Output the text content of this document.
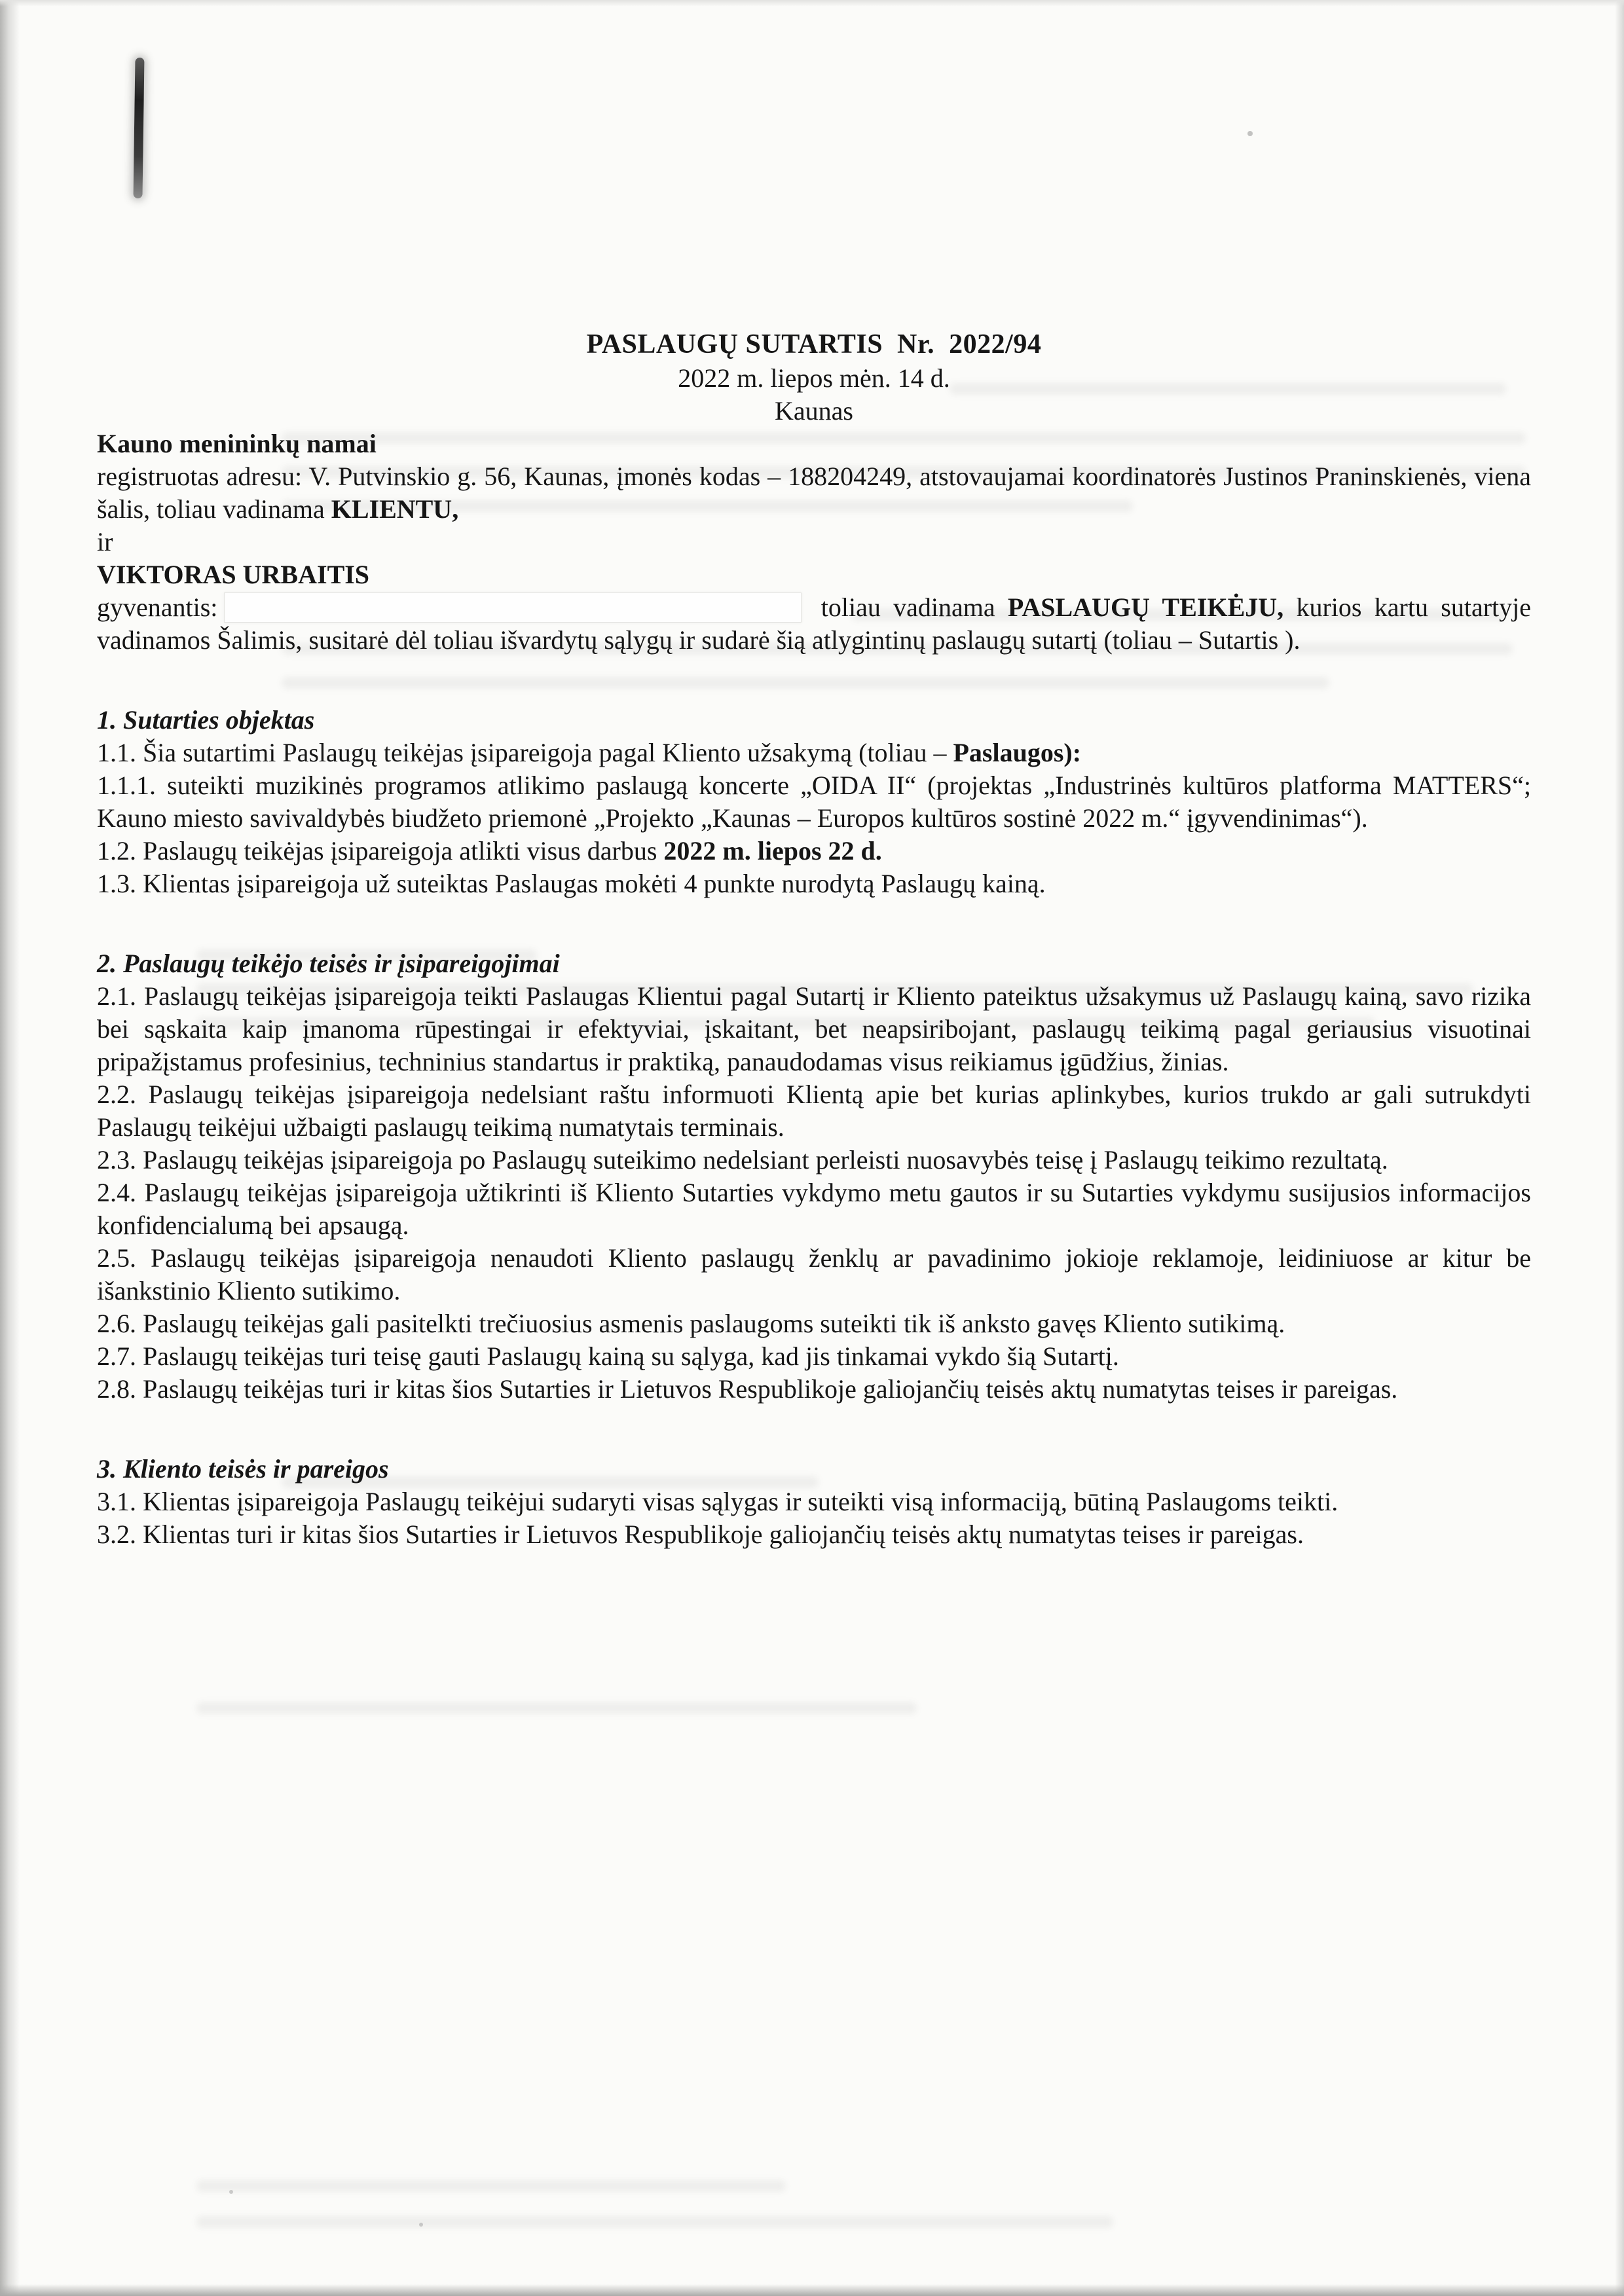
PASLAUGŲ SUTARTIS  Nr.  2022/94

2022 m. liepos mėn. 14 d.

Kaunas

Kauno menininkų namai

registruotas adresu: V. Putvinskio g. 56, Kaunas, įmonės kodas – 188204249, atstovaujamai koordinatorės Justinos Praninskienės, viena šalis, toliau vadinama KLIENTU,

ir

VIKTORAS URBAITIS

gyvenantis:	toliau vadinama PASLAUGŲ TEIKĖJU, kurios kartu sutartyje vadinamos Šalimis, susitarė dėl toliau išvardytų sąlygų ir sudarė šią atlygintinų paslaugų sutartį (toliau – Sutartis ).

1. Sutarties objektas

1.1. Šia sutartimi Paslaugų teikėjas įsipareigoja pagal Kliento užsakymą (toliau – Paslaugos):

1.1.1. suteikti muzikinės programos atlikimo paslaugą koncerte „OIDA II“ (projektas „Industrinės kultūros platforma MATTERS“; Kauno miesto savivaldybės biudžeto priemonė „Projekto „Kaunas – Europos kultūros sostinė 2022 m.“ įgyvendinimas“).

1.2. Paslaugų teikėjas įsipareigoja atlikti visus darbus 2022 m. liepos 22 d.

1.3. Klientas įsipareigoja už suteiktas Paslaugas mokėti 4 punkte nurodytą Paslaugų kainą.

2. Paslaugų teikėjo teisės ir įsipareigojimai

2.1. Paslaugų teikėjas įsipareigoja teikti Paslaugas Klientui pagal Sutartį ir Kliento pateiktus užsakymus už Paslaugų kainą, savo rizika bei sąskaita kaip įmanoma rūpestingai ir efektyviai, įskaitant, bet neapsiribojant, paslaugų teikimą pagal geriausius visuotinai pripažįstamus profesinius, techninius standartus ir praktiką, panaudodamas visus reikiamus įgūdžius, žinias.

2.2. Paslaugų teikėjas įsipareigoja nedelsiant raštu informuoti Klientą apie bet kurias aplinkybes, kurios trukdo ar gali sutrukdyti Paslaugų teikėjui užbaigti paslaugų teikimą numatytais terminais.

2.3. Paslaugų teikėjas įsipareigoja po Paslaugų suteikimo nedelsiant perleisti nuosavybės teisę į Paslaugų teikimo rezultatą.

2.4. Paslaugų teikėjas įsipareigoja užtikrinti iš Kliento Sutarties vykdymo metu gautos ir su Sutarties vykdymu susijusios informacijos konfidencialumą bei apsaugą.

2.5. Paslaugų teikėjas įsipareigoja nenaudoti Kliento paslaugų ženklų ar pavadinimo jokioje reklamoje, leidiniuose ar kitur be išankstinio Kliento sutikimo.

2.6. Paslaugų teikėjas gali pasitelkti trečiuosius asmenis paslaugoms suteikti tik iš anksto gavęs Kliento sutikimą.

2.7. Paslaugų teikėjas turi teisę gauti Paslaugų kainą su sąlyga, kad jis tinkamai vykdo šią Sutartį.

2.8. Paslaugų teikėjas turi ir kitas šios Sutarties ir Lietuvos Respublikoje galiojančių teisės aktų numatytas teises ir pareigas.

3. Kliento teisės ir pareigos

3.1. Klientas įsipareigoja Paslaugų teikėjui sudaryti visas sąlygas ir suteikti visą informaciją, būtiną Paslaugoms teikti.

3.2. Klientas turi ir kitas šios Sutarties ir Lietuvos Respublikoje galiojančių teisės aktų numatytas teises ir pareigas.
